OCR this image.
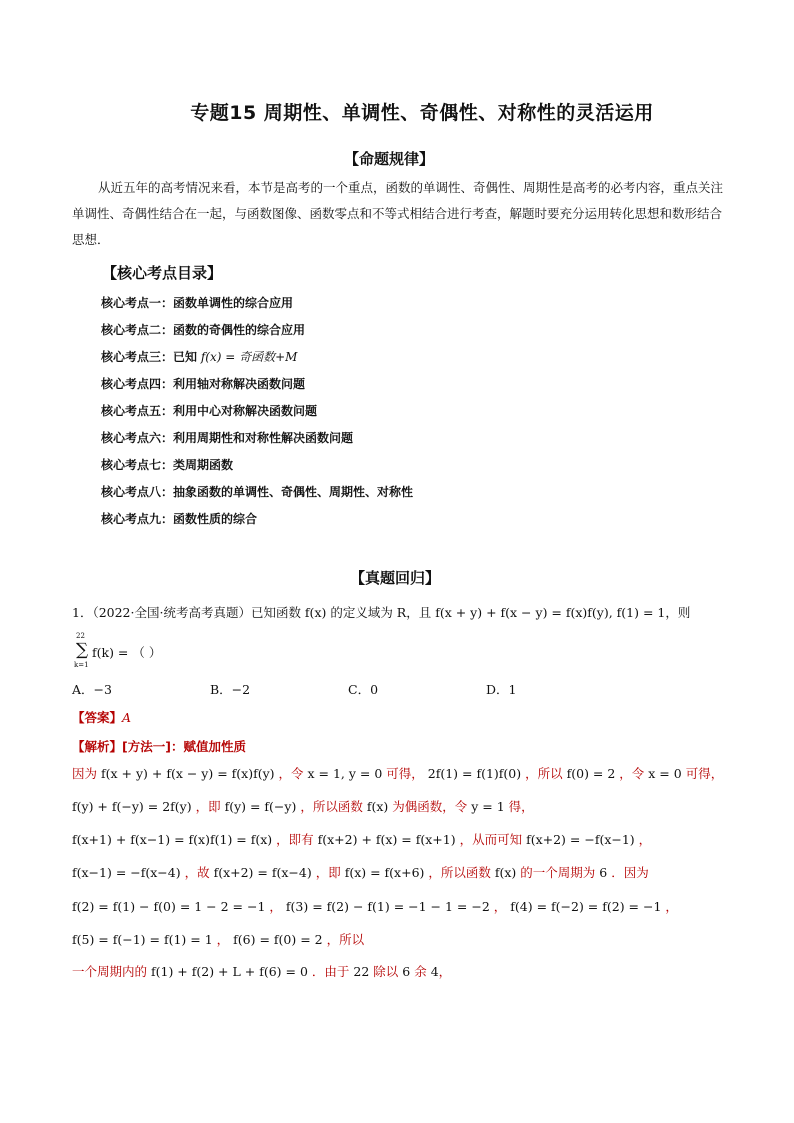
专题15 周期性、单调性、奇偶性、对称性的灵活运用
【命题规律】
从近五年的高考情况来看，本节是高考的一个重点，函数的单调性、奇偶性、周期性是高考的必考内容，重点关注单调性、奇偶性结合在一起，与函数图像、函数零点和不等式相结合进行考查，解题时要充分运用转化思想和数形结合思想．
【核心考点目录】
核心考点一：函数单调性的综合应用
核心考点二：函数的奇偶性的综合应用
核心考点三：已知 f(x) = 奇函数+M
核心考点四：利用轴对称解决函数问题
核心考点五：利用中心对称解决函数问题
核心考点六：利用周期性和对称性解决函数问题
核心考点七：类周期函数
核心考点八：抽象函数的单调性、奇偶性、周期性、对称性
核心考点九：函数性质的综合
【真题回归】
1．（2022·全国·统考高考真题）已知函数 f(x) 的定义域为 R，且 f(x + y) + f(x − y) = f(x)f(y), f(1) = 1，则
22
∑
k=1
f(k) = （ ）
A．−3	B．−2	C．0	D．1
【答案】A
【解析】[方法一]：赋值加性质
因为 f(x + y) + f(x − y) = f(x)f(y) ，令 x = 1, y = 0 可得， 2f(1) = f(1)f(0) ，所以 f(0) = 2 ，令 x = 0 可得，
f(y) + f(−y) = 2f(y) ，即 f(y) = f(−y) ，所以函数 f(x) 为偶函数，令 y = 1 得，
f(x+1) + f(x−1) = f(x)f(1) = f(x) ，即有 f(x+2) + f(x) = f(x+1) ，从而可知 f(x+2) = −f(x−1) ，
f(x−1) = −f(x−4) ，故 f(x+2) = f(x−4) ，即 f(x) = f(x+6) ，所以函数 f(x) 的一个周期为 6 ．因为
f(2) = f(1) − f(0) = 1 − 2 = −1 ， f(3) = f(2) − f(1) = −1 − 1 = −2 ， f(4) = f(−2) = f(2) = −1 ，
f(5) = f(−1) = f(1) = 1 ， f(6) = f(0) = 2 ，所以
一个周期内的 f(1) + f(2) + L + f(6) = 0 ．由于 22 除以 6 余 4，
